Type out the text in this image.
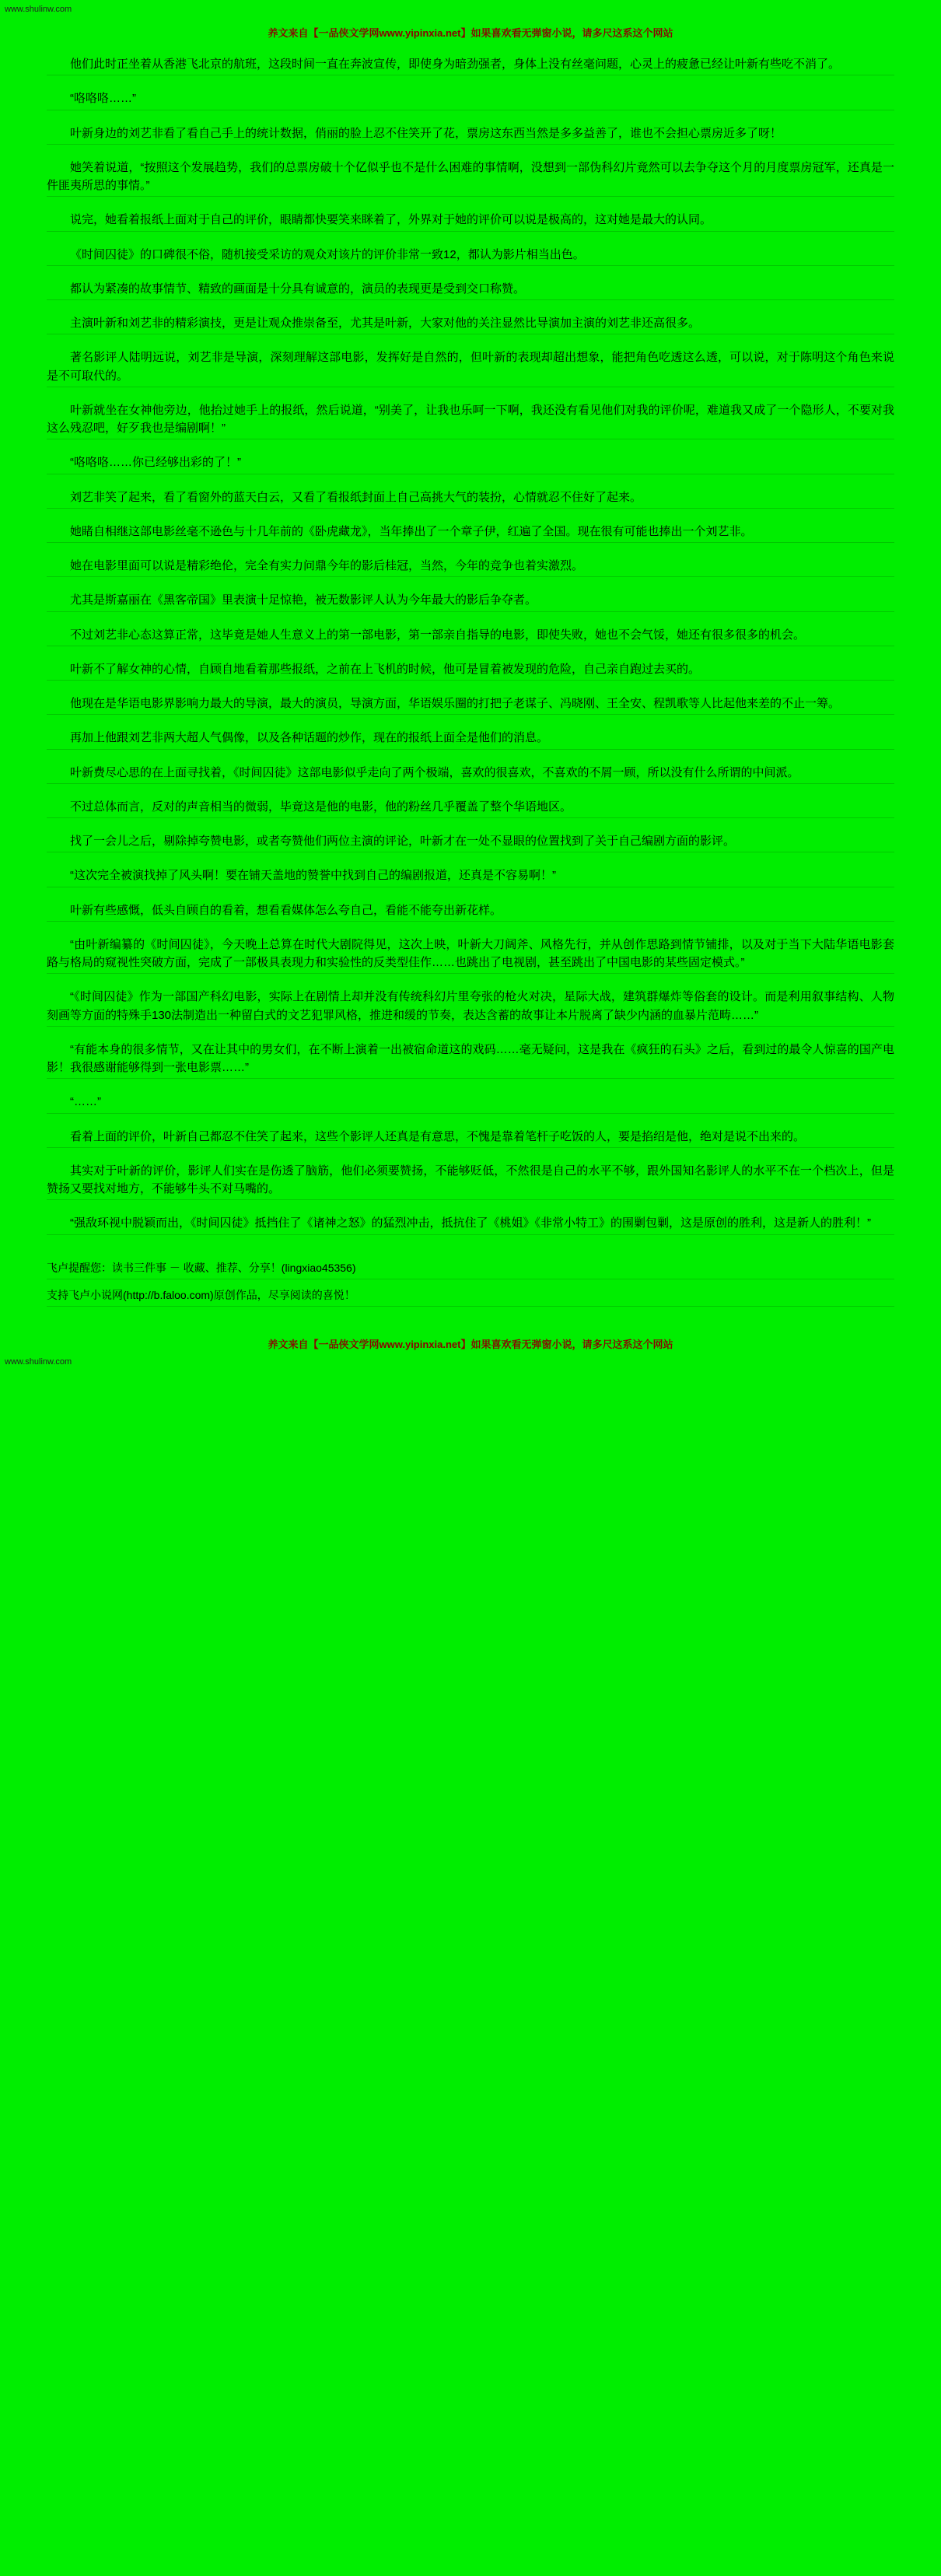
www.shulinw.com
养文来自【一品侠文学网www.yipinxia.net】如果喜欢看无弹窗小说，请多尺这系这个网站

他们此时正坐着从香港飞北京的航班，这段时间一直在奔波宣传，即使身为暗劲强者，身体上没有丝毫问题，心灵上的疲惫已经让叶新有些吃不消了。

“咯咯咯……”

叶新身边的刘艺非看了看自己手上的统计数据，俏丽的脸上忍不住笑开了花，票房这东西当然是多多益善了，谁也不会担心票房近多了呀！

她笑着说道，“按照这个发展趋势，我们的总票房破十个亿似乎也不是什么困难的事情啊，没想到一部伪科幻片竟然可以去争夺这个月的月度票房冠军，还真是一件匪夷所思的事情。”

说完，她看着报纸上面对于自己的评价，眼睛都快要笑来眯着了，外界对于她的评价可以说是极高的，这对她是最大的认同。

《时间囚徒》的口碑很不俗，随机接受采访的观众对该片的评价非常一致12，都认为影片相当出色。

都认为紧凑的故事情节、精致的画面是十分具有诚意的，演员的表现更是受到交口称赞。

主演叶新和刘艺非的精彩演技，更是让观众推崇备至，尤其是叶新，大家对他的关注显然比导演加主演的刘艺非还高很多。

著名影评人陆明远说，刘艺非是导演，深刻理解这部电影，发挥好是自然的，但叶新的表现却超出想象，能把角色吃透这么透，可以说，对于陈明这个角色来说是不可取代的。

叶新就坐在女神他旁边，他抬过她手上的报纸，然后说道，“别美了，让我也乐呵一下啊，我还没有看见他们对我的评价呢，难道我又成了一个隐形人，不要对我这么残忍吧，好歹我也是编剧啊！”

“咯咯咯……你已经够出彩的了！”

刘艺非笑了起来，看了看窗外的蓝天白云，又看了看报纸封面上自己高挑大气的装扮，心情就忍不住好了起来。

她睹自相继这部电影丝毫不逊色与十几年前的《卧虎藏龙》，当年捧出了一个章子伊，红遍了全国。现在很有可能也捧出一个刘艺非。

她在电影里面可以说是精彩绝伦，完全有实力问鼎今年的影后桂冠，当然，今年的竞争也着实激烈。

尤其是斯嘉丽在《黑客帝国》里表演十足惊艳，被无数影评人认为今年最大的影后争夺者。

不过刘艺非心态这算正常，这毕竟是她人生意义上的第一部电影，第一部亲自指导的电影，即使失败，她也不会气馁，她还有很多很多的机会。

叶新不了解女神的心情，自顾自地看着那些报纸，之前在上飞机的时候，他可是冒着被发现的危险，自己亲自跑过去买的。

他现在是华语电影界影响力最大的导演，最大的演员，导演方面，华语娱乐圈的打把子老谋子、冯晓刚、王全安、程凯歌等人比起他来差的不止一筹。

再加上他跟刘艺非两大超人气偶像，以及各种话题的炒作，现在的报纸上面全是他们的消息。

叶新费尽心思的在上面寻找着，《时间囚徒》这部电影似乎走向了两个极端，喜欢的很喜欢，不喜欢的不屑一顾，所以没有什么所谓的中间派。

不过总体而言，反对的声音相当的微弱，毕竟这是他的电影，他的粉丝几乎覆盖了整个华语地区。

找了一会儿之后，剔除掉夸赞电影，或者夸赞他们两位主演的评论，叶新才在一处不显眼的位置找到了关于自己编剧方面的影评。

“这次完全被演找掉了风头啊！要在铺天盖地的赞誉中找到自己的编剧报道，还真是不容易啊！”

叶新有些感慨，低头自顾自的看着，想看看媒体怎么夸自己，看能不能夸出新花样。

“由叶新编纂的《时间囚徒》，今天晚上总算在时代大剧院得见，这次上映，叶新大刀阔斧、风格先行，并从创作思路到情节铺排，以及对于当下大陆华语电影套路与格局的窥视性突破方面，完成了一部极具表现力和实验性的反类型佳作……也跳出了电视剧，甚至跳出了中国电影的某些固定模式。”

“《时间囚徒》作为一部国产科幻电影，实际上在剧情上却并没有传统科幻片里夸张的枪火对决，星际大战，建筑群爆炸等俗套的设计。而是利用叙事结构、人物刻画等方面的特殊手130法制造出一种留白式的文艺犯罪风格，推进和缓的节奏，表达含蓄的故事让本片脱离了缺少内涵的血暴片范畴……”

“有能本身的很多情节，又在让其中的男女们，在不断上演着一出被宿命道这的戏码……毫无疑问，这是我在《疯狂的石头》之后，看到过的最令人惊喜的国产电影！我很感谢能够得到一张电影票……”

“……”

看着上面的评价，叶新自己都忍不住笑了起来，这些个影评人还真是有意思，不愧是靠着笔杆子吃饭的人，要是掐绍是他，绝对是说不出来的。

其实对于叶新的评价，影评人们实在是伤透了脑筋，他们必须要赞扬，不能够贬低，不然很是自己的水平不够，跟外国知名影评人的水平不在一个档次上，但是赞扬又要找对地方，不能够牛头不对马嘴的。

“强敌环视中脱颖而出，《时间囚徒》抵挡住了《诸神之怒》的猛烈冲击，抵抗住了《桃姐》《非常小特工》的围剿包剿，这是原创的胜利，这是新人的胜利！”

飞卢提醒您：读书三件事 － 收藏、推荐、分享！(lingxiao45356)

支持飞卢小说网(http://b.faloo.com)原创作品，尽享阅读的喜悦！

养文来自【一品侠文学网www.yipinxia.net】如果喜欢看无弹窗小说，请多尺这系这个网站
www.shulinw.com
